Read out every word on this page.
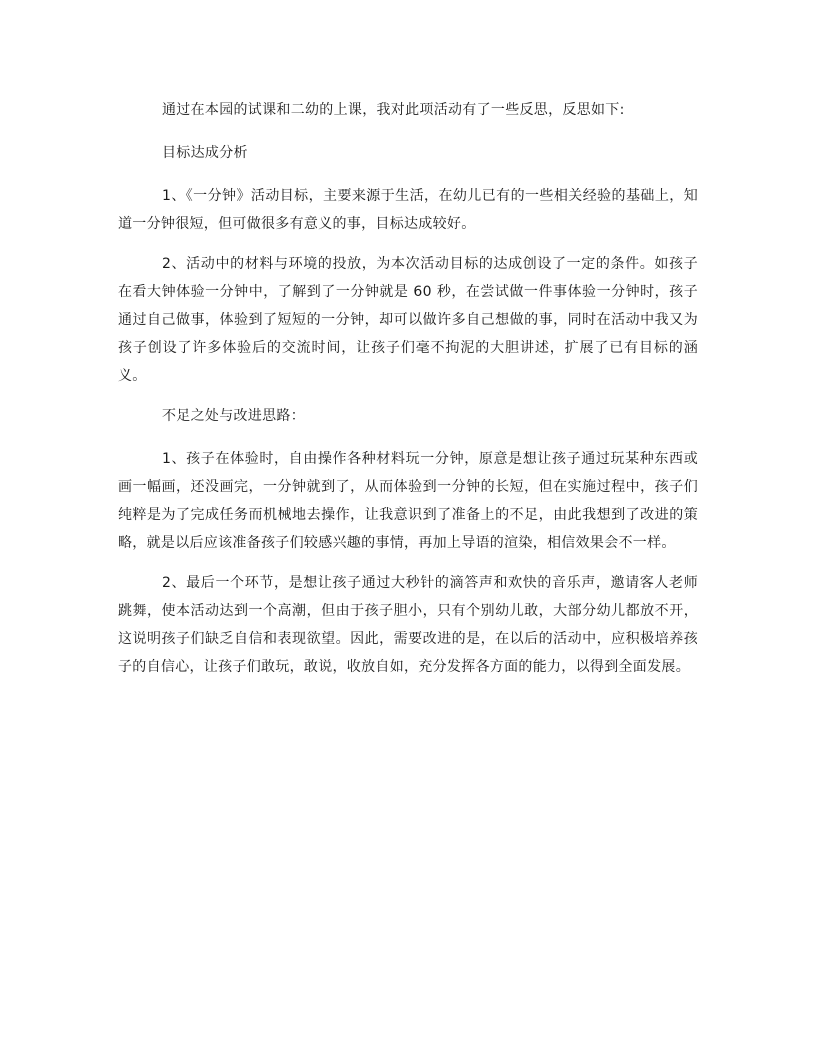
通过在本园的试课和二幼的上课，我对此项活动有了一些反思，反思如下:

目标达成分析

1、《一分钟》活动目标，主要来源于生活，在幼儿已有的一些相关经验的基础上，知道一分钟很短，但可做很多有意义的事，目标达成较好。

2、活动中的材料与环境的投放，为本次活动目标的达成创设了一定的条件。如孩子在看大钟体验一分钟中，了解到了一分钟就是 60 秒，在尝试做一件事体验一分钟时，孩子通过自己做事，体验到了短短的一分钟，却可以做许多自己想做的事，同时在活动中我又为孩子创设了许多体验后的交流时间，让孩子们毫不拘泥的大胆讲述，扩展了已有目标的涵义。

不足之处与改进思路：

1、孩子在体验时，自由操作各种材料玩一分钟，原意是想让孩子通过玩某种东西或画一幅画，还没画完，一分钟就到了，从而体验到一分钟的长短，但在实施过程中，孩子们纯粹是为了完成任务而机械地去操作，让我意识到了准备上的不足，由此我想到了改进的策略，就是以后应该准备孩子们较感兴趣的事情，再加上导语的渲染，相信效果会不一样。

2、最后一个环节，是想让孩子通过大秒针的滴答声和欢快的音乐声，邀请客人老师跳舞，使本活动达到一个高潮，但由于孩子胆小，只有个别幼儿敢，大部分幼儿都放不开，这说明孩子们缺乏自信和表现欲望。因此，需要改进的是，在以后的活动中，应积极培养孩子的自信心，让孩子们敢玩，敢说，收放自如，充分发挥各方面的能力，以得到全面发展。
